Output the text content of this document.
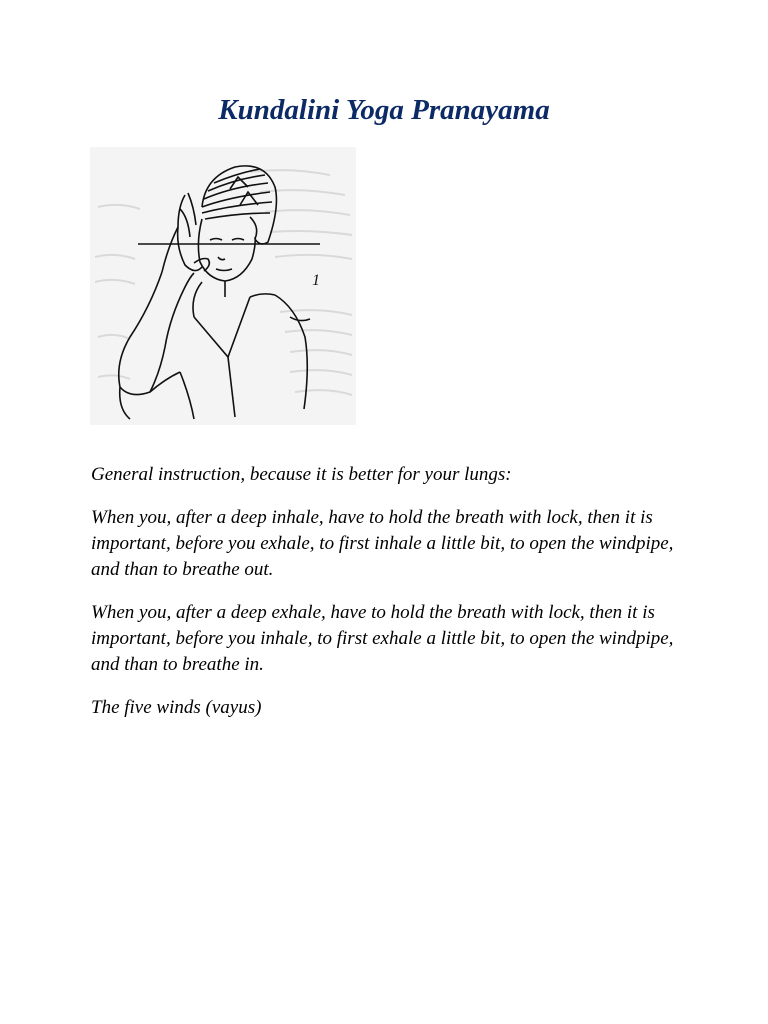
Kundalini Yoga Pranayama
1

General instruction, because it is better for your lungs:

When you, after a deep inhale, have to hold the breath with lock, then it is important, before you exhale, to first inhale a little bit, to open the windpipe, and than to breathe out.

When you, after a deep exhale, have to hold the breath with lock, then it is important, before you inhale, to first exhale a little bit, to open the windpipe, and than to breathe in.

The five winds (vayus)
